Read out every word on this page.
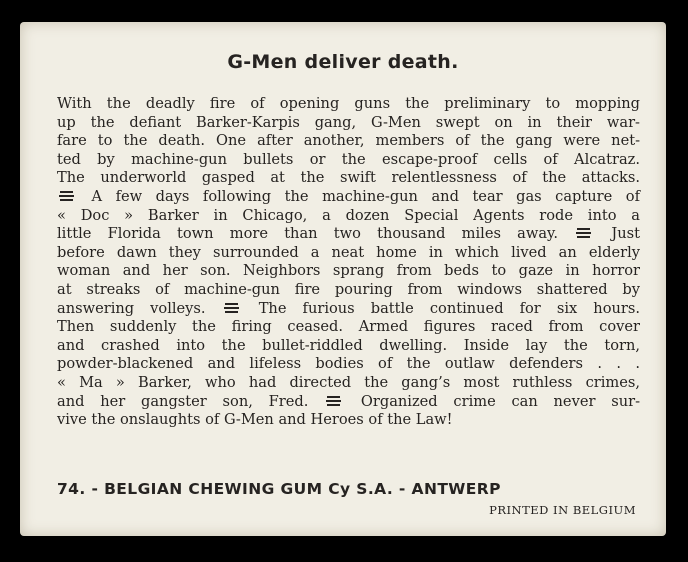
G-Men deliver death.
With the deadly fire of opening guns the preliminary to mopping
up the defiant Barker-Karpis gang, G-Men swept on in their war-
fare to the death. One after another, members of the gang were net-
ted by machine-gun bullets or the escape-proof cells of Alcatraz.
The underworld gasped at the swift relentlessness of the attacks.
A few days following the machine-gun and tear gas capture of
« Doc » Barker in Chicago, a dozen Special Agents rode into a
little Florida town more than two thousand miles away.  Just
before dawn they surrounded a neat home in which lived an elderly
woman and her son. Neighbors sprang from beds to gaze in horror
at streaks of machine-gun fire pouring from windows shattered by
answering volleys.  The furious battle continued for six hours.
Then suddenly the firing ceased. Armed figures raced from cover
and crashed into the bullet-riddled dwelling. Inside lay the torn,
powder-blackened and lifeless bodies of the outlaw defenders . . .
« Ma » Barker, who had directed the gang’s most ruthless crimes,
and her gangster son, Fred.  Organized crime can never sur-
vive the onslaughts of G-Men and Heroes of the Law!
74. - BELGIAN CHEWING GUM Cy S.A. - ANTWERP
PRINTED IN BELGIUM
